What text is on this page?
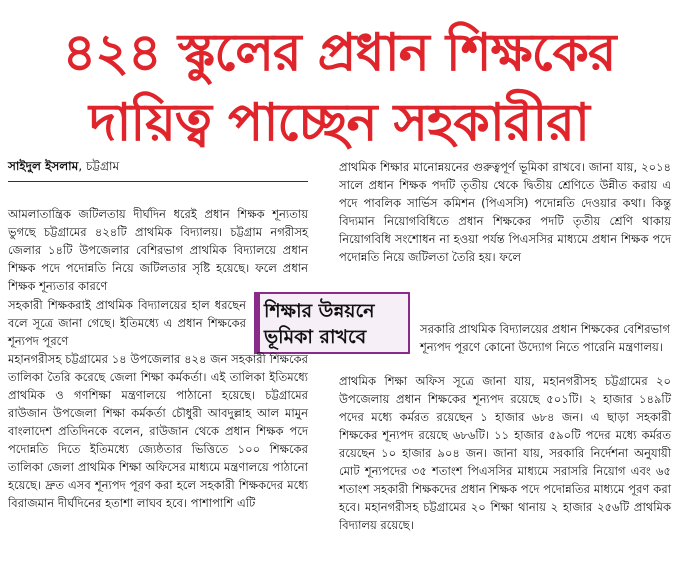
৪২৪ স্কুলের প্রধান শিক্ষকের
দায়িত্ব পাচ্ছেন সহকারীরা
সাইদুল ইসলাম, চট্টগ্রাম

আমলাতান্ত্রিক জটিলতায় দীর্ঘদিন ধরেই প্রধান শিক্ষক শূন্যতায় ভুগছে চট্টগ্রামের ৪২৪টি প্রাথমিক বিদ্যালয়। চট্টগ্রাম নগরীসহ জেলার ১৪টি উপজেলার বেশিরভাগ প্রাথমিক বিদ্যালয়ে প্রধান শিক্ষক পদে পদোন্নতি নিয়ে জটিলতার সৃষ্টি হয়েছে। ফলে প্রধান শিক্ষক শূন্যতার কারণে

সহকারী শিক্ষকরাই প্রাথমিক বিদ্যালয়ের হাল ধরছেন বলে সূত্রে জানা গেছে। ইতিমধ্যে এ প্রধান শিক্ষকের শূন্যপদ পূরণে

শিক্ষার উন্নয়নে
ভূমিকা রাখবে

মহানগরীসহ চট্টগ্রামের ১৪ উপজেলার ৪২৪ জন সহকারী শিক্ষকের তালিকা তৈরি করেছে জেলা শিক্ষা কর্মকর্তা। এই তালিকা ইতিমধ্যে প্রাথমিক ও গণশিক্ষা মন্ত্রণালয়ে পাঠানো হয়েছে। চট্টগ্রামের রাউজান উপজেলা শিক্ষা কর্মকর্তা চৌধুরী আবদুল্লাহ আল মামুন বাংলাদেশ প্রতিদিনকে বলেন, রাউজান থেকে প্রধান শিক্ষক পদে পদোন্নতি দিতে ইতিমধ্যে জ্যেষ্ঠতার ভিত্তিতে ১০০ শিক্ষকের তালিকা জেলা প্রাথমিক শিক্ষা অফিসের মাধ্যমে মন্ত্রণালয়ে পাঠানো হয়েছে। দ্রুত এসব শূন্যপদ পূরণ করা হলে সহকারী শিক্ষকদের মধ্যে বিরাজমান দীর্ঘদিনের হতাশা লাঘব হবে। পাশাপাশি এটি

প্রাথমিক শিক্ষার মানোন্নয়নের গুরুত্বপূর্ণ ভূমিকা রাখবে। জানা যায়, ২০১৪ সালে প্রধান শিক্ষক পদটি তৃতীয় থেকে দ্বিতীয় শ্রেণিতে উন্নীত করায় এ পদে পাবলিক সার্ভিস কমিশন (পিএসসি) পদোন্নতি দেওয়ার কথা। কিন্তু বিদ্যমান নিয়োগবিধিতে প্রধান শিক্ষকের পদটি তৃতীয় শ্রেণি থাকায় নিয়োগবিধি সংশোধন না হওয়া পর্যন্ত পিএসসির মাধ্যমে প্রধান শিক্ষক পদে পদোন্নতি নিয়ে জটিলতা তৈরি হয়। ফলে

সরকারি প্রাথমিক বিদ্যালয়ের প্রধান শিক্ষকের বেশিরভাগ শূন্যপদ পূরণে কোনো উদ্যোগ নিতে পারেনি মন্ত্রণালয়।

প্রাথমিক শিক্ষা অফিস সূত্রে জানা যায়, মহানগরীসহ চট্টগ্রামের ২০ উপজেলায় প্রধান শিক্ষকের শূন্যপদ রয়েছে ৫০১টি। ২ হাজার ১৪৯টি পদের মধ্যে কর্মরত রয়েছেন ১ হাজার ৬৮৪ জন। এ ছাড়া সহকারী শিক্ষকের শূন্যপদ রয়েছে ৬৮৬টি। ১১ হাজার ৫৯০টি পদের মধ্যে কর্মরত রয়েছেন ১০ হাজার ৯০৪ জন। জানা যায়, সরকারি নির্দেশনা অনুযায়ী মোট শূন্যপদের ৩৫ শতাংশ পিএসসির মাধ্যমে সরাসরি নিয়োগ এবং ৬৫ শতাংশ সহকারী শিক্ষকদের প্রধান শিক্ষক পদে পদোন্নতির মাধ্যমে পূরণ করা হবে। মহানগরীসহ চট্টগ্রামের ২০ শিক্ষা থানায় ২ হাজার ২৫৬টি প্রাথমিক বিদ্যালয় রয়েছে।
